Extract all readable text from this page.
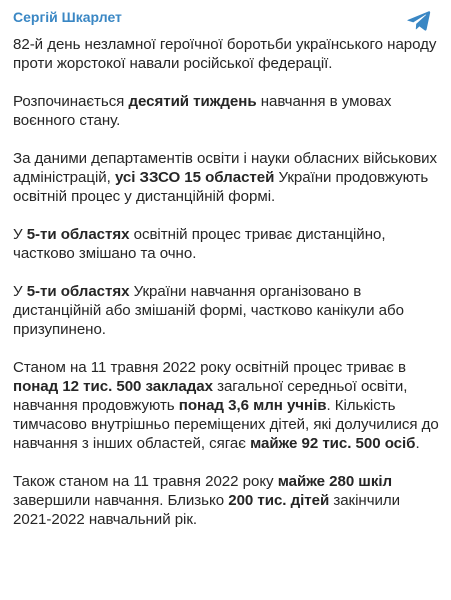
Сергій Шкарлет

82-й день незламної героїчної боротьби українського народу проти жорстокої навали російської федерації.

Розпочинається десятий тиждень навчання в умовах воєнного стану.

За даними департаментів освіти і науки обласних військових адміністрацій, усі ЗЗСО 15 областей України продовжують освітній процес у дистанційній формі.

У 5-ти областях освітній процес триває дистанційно, частково змішано та очно.

У 5-ти областях України навчання організовано в дистанційній або змішаній формі, частково канікули або призупинено.

Станом на 11 травня 2022 року освітній процес триває в понад 12 тис. 500 закладах загальної середньої освіти, навчання продовжують понад 3,6 млн учнів. Кількість тимчасово внутрішньо переміщених дітей, які долучилися до навчання з інших областей, сягає майже 92 тис. 500 осіб.

Також станом на 11 травня 2022 року майже 280 шкіл завершили навчання. Близько 200 тис. дітей закінчили 2021-2022 навчальний рік.
